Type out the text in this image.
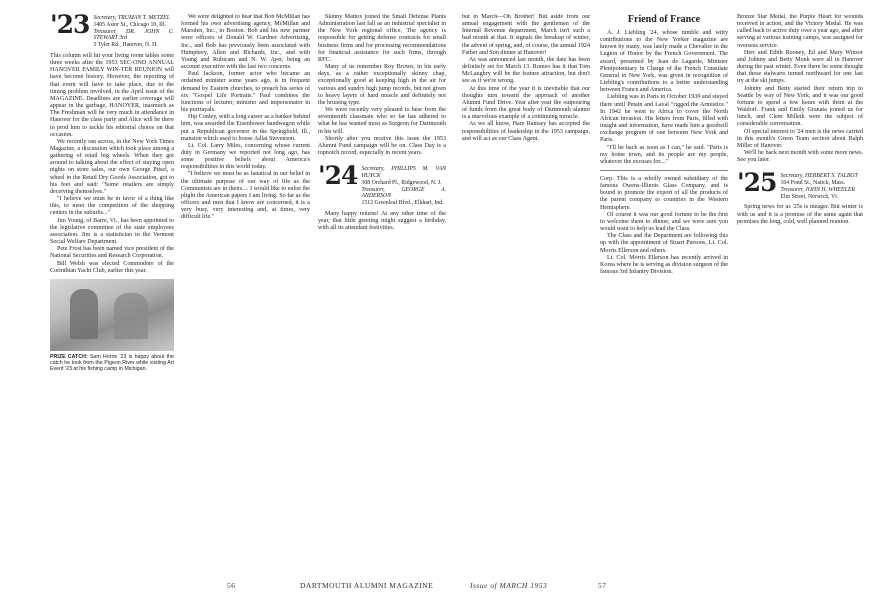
'23 Secretary, TRUMAN T. METZEL
1405 Astor St., Chicago 10, Ill.
Treasurer, DR. JOHN C. STEWART 3rd
5 Tyler Rd., Hanover, N. H.

This column will hit your living room tables some three weeks after the 1953 SEC-OND ANNUAL HANOVER FAMILY WIN-TER REUNION will have become history. However, the reporting of that event will have to take place, due to the timing problem involved, in the April issue of the MAGAZINE. Deadlines are earlier coverage will appear in the garbage, HANOVER, inasmuch as The Freshman will be very much in attendance in Hanover for the class party and Alice will be there to prod him to tackle his editorial chores on that occasion.

We recently ran across, in the New York Times Magazine, a discussion which took place among a gathering of retail big wheels. When they got around to talking about the effect of staying open nights on store sales, our own George Pitsel, a wheel in the Retail Dry Goods Association, got to his feet and said: "Some retailers are simply deceiving themselves."

"I believe we must be in favor of a thing like this, to meet the competition of the shopping centers in the suburbs..."

Jim Young, of Barre, Vt., has been appointed to the legislative committee of the state employees association. Jim is a statistician in the Vermont Social Welfare Department.

Pete Frost has been named vice president of the National Securities and Research Corporation.

Bill Welsh was elected Commodore of the Corinthian Yacht Club, earlier this year.

PRIZE CATCH: Sam Horne '23 is happy about the catch he took from the Pigeon River while visiting Art Everit '23 at his fishing camp in Michigan.

We were delighted to hear that Bob McMillan has formed his own advertising agency, McMillan and Marsden, Inc., in Boston. Bob and his new partner were officers of Donald W. Gardner Advertising, Inc., and Bob has previously been associated with Humphrey, Allen and Richards, Inc., and with Young and Rubicam and N. W. Ayer, being an account executive with the last two concerns.

Paul Jackson, former actor who became an ordained minister some years ago, is in frequent demand by Eastern churches, to preach his series of six "Gospel Life Portraits." Paul combines the functions of lecturer, minister and impersonator in his portrayals.

Hip Conley, with a long career as a banker behind him, was awarded the Eisenhower bandwagon while put a Republican governor in the Springfield, Ill., mansion which used to house Adlai Stevenson.

Lt. Col. Larry Miles, concerning whose current duty in Germany we reported not long ago, has some positive beliefs about America's responsibilities in this world today.

"I believe we must be as fanatical in our belief in the ultimate purpose of our way of life as the Communists are in theirs.... I would like to enlist the plight the American papers I am living. So far as the officers and men that I know are concerned, it is a very busy, very interesting and, at times, very difficult life."

Skinny Mattox joined the Small Defense Plants Administration last fall as an industrial specialist in the New York regional office. The agency is responsible for getting defense contracts for small business firms and for processing recommendations for financial assistance for such firms, through RFC.

Many of us remember Roy Brown, in his early days, as a rather exceptionally skinny chap, exceptionally good at keeping high in the air for various and sundry high jump records, but not given to heavy layers of hard muscle and definitely not the bruising type.

We were recently very pleased to hear from the seventeenth classmate who so far has adhered to what he has wanted most as Surgeon for Dartmouth in his will.

Shortly after you receive this issue the 1953 Alumni Fund campaign will be on. Class Day is a topnotch record, especially in recent years.

'24 Secretary, PHILLIPS M. VAN HUYCK
308 Orchard Pl., Ridgewood, N. J.
Treasurer, GEORGE A. ANDERSON
1512 Greenleaf Blvd., Elkhart, Ind.

Many happy returns! At any other time of the year, that little greeting might suggest a birthday, with all its attendant festivities.

but in March—Oh Brother! But aside from our annual engagement with the gentlemen of the Internal Revenue department, March isn't such a bad month at that. It signals the breakup of winter, the advent of spring, and, of course, the annual 1924 Father and Son dinner at Hanover!

As was announced last month, the date has been definitely set for March 13. Romeo has it that Tom McLaughry will be the feature attraction, but don't see as if we're wrong.

At this time of the year it is inevitable that our thoughts turn toward the approach of another Alumni Fund Drive. Year after year the outpouring of funds from the great body of Dartmouth alumni is a marvelous example of a continuing miracle.

As we all know, Hare Ramsey has accepted the responsibilities of leadership in the 1953 campaign, and will act as our Class Agent.

Friend of France

A. J. Liebling '24, whose nimble and witty contributions to the New Yorker magazine are known by many, was lately made a Chevalier in the Legion of Honor by the French Government. The award, presented by Jean de Lagarde, Minister Plenipotentiary in Charge of the French Consulate General in New York, was given in recognition of Liebling's contributions to a better understanding between France and America.

Liebling was in Paris in October 1939 and stayed there until Petain and Laval "rigged the Armistice." In 1942 he went to Africa to cover the North African invasion. His letters from Paris, filled with insight and information, have made him a goodwill exchange program of one between New York and Paris.

"I'll be back as soon as I can," he said. "Paris is my home town, and its people are my people, whatever the excuses for...."

Corp. This is a wholly owned subsidiary of the famous Owens-Illinois Glass Company, and is bound to promote the export of all the products of the parent company to countries in the Western Hemisphere.

Of course it was our good fortune to be the first to welcome them to dinner, and we were sure you would want to help us lead the Class.

The Class and the Department are following this up with the appointment of Stuart Parsons, Lt. Col. Morris Ellerson and others.

Lt. Col. Morris Ellerson has recently arrived in Korea where he is serving as division surgeon of the famous 3rd Infantry Division.

Bronze Star Medal, the Purple Heart for wounds received in action, and the Victory Medal. He was called back to active duty over a year ago, and after serving at various training camps, was assigned for overseas service.

Herr and Edith Rooney, Ed and Mary Winsor and Johnny and Betty Monk were all in Hanover during the past winter. Even there be some thought that these stalwarts turned northward for one last try at the ski jumps.

Johnny and Betty started their return trip to Seattle by way of New York, and it was our good fortune to spend a few hours with them at the Waldorf. Frank and Emily Granata joined us for lunch, and Clem Milleth were the subject of considerable conversation.

Of special interest to '24 men is the news carried in this month's Green Team section about Ralph Miller of Hanover.

We'll be back next month with some more news. See you later.

'25 Secretary, HERBERT S. TALBOT
104 Pond St., Natick, Mass.
Treasurer, JOHN H. WHEELER
Elm Street, Norwich, Vt.

Spring news for us '25s is meager. But winter is with us and it is a promise of the same again that promises the long, cold, well planned reunion.

56	DARTMOUTH ALUMNI MAGAZINE	Issue of MARCH 1953	57
